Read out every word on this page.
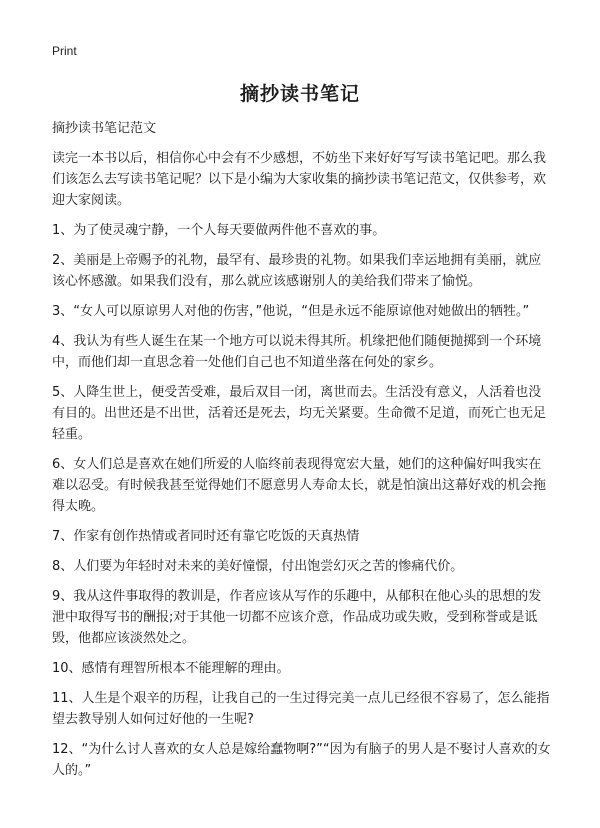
Print
摘抄读书笔记

摘抄读书笔记范文

读完一本书以后，相信你心中会有不少感想，不妨坐下来好好写写读书笔记吧。那么我们该怎么去写读书笔记呢？以下是小编为大家收集的摘抄读书笔记范文，仅供参考，欢迎大家阅读。

1、为了使灵魂宁静，一个人每天要做两件他不喜欢的事。

2、美丽是上帝赐予的礼物，最罕有、最珍贵的礼物。如果我们幸运地拥有美丽，就应该心怀感激。如果我们没有，那么就应该感谢别人的美给我们带来了愉悦。

3、“女人可以原谅男人对他的伤害，”他说，“但是永远不能原谅他对她做出的牺牲。”

4、我认为有些人诞生在某一个地方可以说未得其所。机缘把他们随便抛掷到一个环境中，而他们却一直思念着一处他们自己也不知道坐落在何处的家乡。

5、人降生世上，便受苦受难，最后双目一闭，离世而去。生活没有意义，人活着也没有目的。出世还是不出世，活着还是死去，均无关紧要。生命微不足道，而死亡也无足轻重。

6、女人们总是喜欢在她们所爱的人临终前表现得宽宏大量，她们的这种偏好叫我实在难以忍受。有时候我甚至觉得她们不愿意男人寿命太长，就是怕演出这幕好戏的机会拖得太晚。

7、作家有创作热情或者同时还有靠它吃饭的天真热情

8、人们要为年轻时对未来的美好憧憬，付出饱尝幻灭之苦的惨痛代价。

9、我从这件事取得的教训是，作者应该从写作的乐趣中，从郁积在他心头的思想的发泄中取得写书的酬报;对于其他一切都不应该介意，作品成功或失败，受到称誉或是诋毁，他都应该淡然处之。

10、感情有理智所根本不能理解的理由。

11、人生是个艰辛的历程，让我自己的一生过得完美一点儿已经很不容易了，怎么能指望去教导别人如何过好他的一生呢?

12、“为什么讨人喜欢的女人总是嫁给蠢物啊?”“因为有脑子的男人是不娶讨人喜欢的女人的。”
